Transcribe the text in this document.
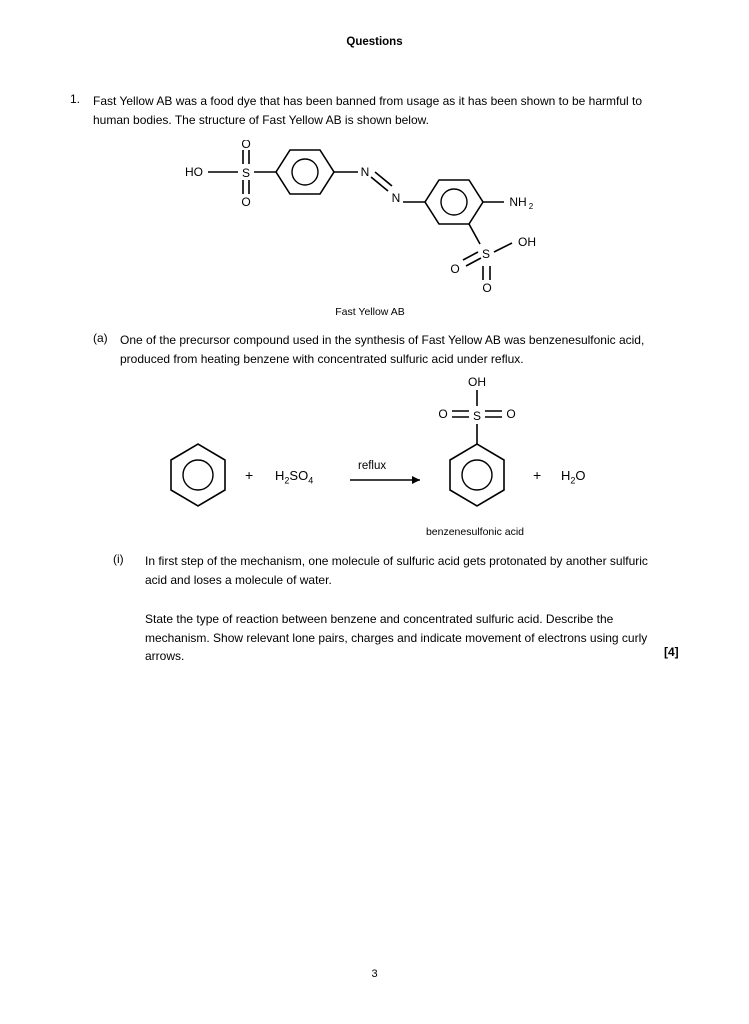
Questions
1. Fast Yellow AB was a food dye that has been banned from usage as it has been shown to be harmful to human bodies. The structure of Fast Yellow AB is shown below.
HO	S
O
O
N
N	NH 2
S
OH
O
O
Fast Yellow AB
(a) One of the precursor compound used in the synthesis of Fast Yellow AB was benzenesulfonic acid, produced from heating benzene with concentrated sulfuric acid under reflux.
S
O	O
OH
+ $H_2SO_4$
reflux
+ $H_2O$
benzenesulfonic acid
(i) In first step of the mechanism, one molecule of sulfuric acid gets protonated by another sulfuric acid and loses a molecule of water.
State the type of reaction between benzene and concentrated sulfuric acid. Describe the mechanism. Show relevant lone pairs, charges and indicate movement of electrons using curly arrows.	[4]
3
